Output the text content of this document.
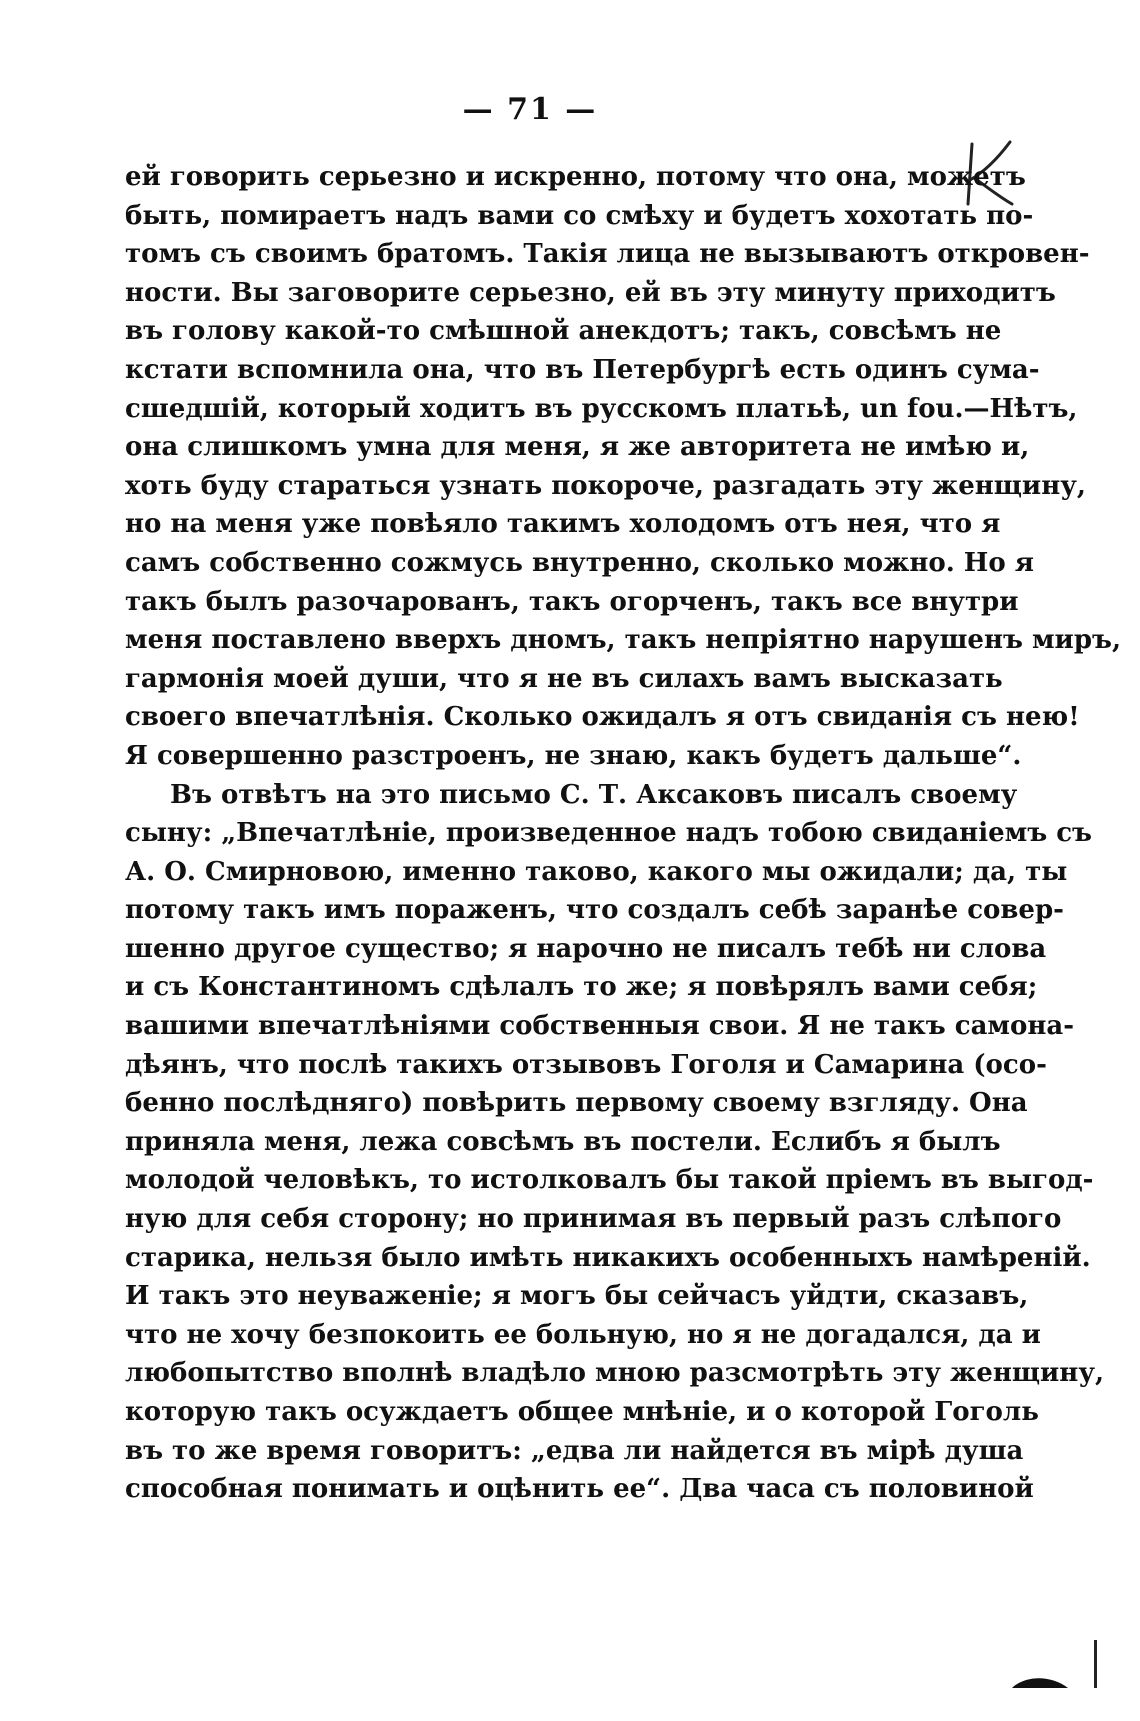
— 71 —
ей говорить серьезно и искренно, потому что она, можетъ
быть, помираетъ надъ вами со смѣху и будетъ хохотать по-
томъ съ своимъ братомъ. Такія лица не вызываютъ откровен-
ности. Вы заговорите серьезно, ей въ эту минуту приходитъ
въ голову какой-то смѣшной анекдотъ; такъ, совсѣмъ не
кстати вспомнила она, что въ Петербургѣ есть одинъ сума-
сшедшій, который ходитъ въ русскомъ платьѣ, un fou.—Нѣтъ,
она слишкомъ умна для меня, я же авторитета не имѣю и,
хоть буду стараться узнать покороче, разгадать эту женщину,
но на меня уже повѣяло такимъ холодомъ отъ нея, что я
самъ собственно сожмусь внутренно, сколько можно. Но я
такъ былъ разочарованъ, такъ огорченъ, такъ все внутри
меня поставлено вверхъ дномъ, такъ непріятно нарушенъ миръ,
гармонія моей души, что я не въ силахъ вамъ высказать
своего впечатлѣнія. Сколько ожидалъ я отъ свиданія съ нею!
Я совершенно разстроенъ, не знаю, какъ будетъ дальше“.
Въ отвѣтъ на это письмо С. Т. Аксаковъ писалъ своему
сыну: „Впечатлѣніе, произведенное надъ тобою свиданіемъ съ
А. О. Смирновою, именно таково, какого мы ожидали; да, ты
потому такъ имъ пораженъ, что создалъ себѣ заранѣе совер-
шенно другое существо; я нарочно не писалъ тебѣ ни слова
и съ Константиномъ сдѣлалъ то же; я повѣрялъ вами себя;
вашими впечатлѣніями собственныя свои. Я не такъ самона-
дѣянъ, что послѣ такихъ отзывовъ Гоголя и Самарина (осо-
бенно послѣдняго) повѣрить первому своему взгляду. Она
приняла меня, лежа совсѣмъ въ постели. Еслибъ я былъ
молодой человѣкъ, то истолковалъ бы такой пріемъ въ выгод-
ную для себя сторону; но принимая въ первый разъ слѣпого
старика, нельзя было имѣть никакихъ особенныхъ намѣреній.
И такъ это неуваженіе; я могъ бы сейчасъ уйдти, сказавъ,
что не хочу безпокоить ее больную, но я не догадался, да и
любопытство вполнѣ владѣло мною разсмотрѣть эту женщину,
которую такъ осуждаетъ общее мнѣніе, и о которой Гоголь
въ то же время говоритъ: „едва ли найдется въ мірѣ душа
способная понимать и оцѣнить ее“. Два часа съ половиной
